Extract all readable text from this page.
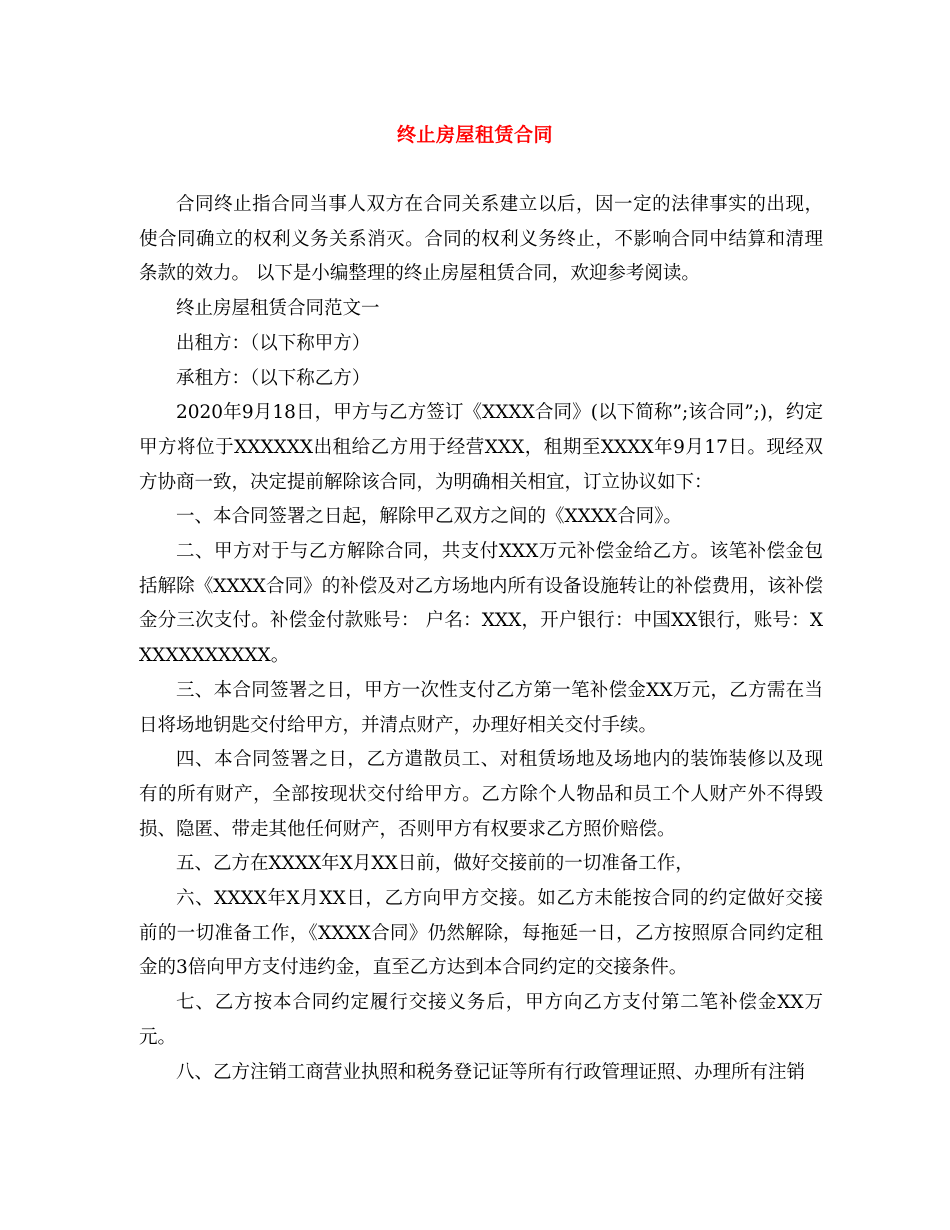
终止房屋租赁合同

合同终止指合同当事人双方在合同关系建立以后，因一定的法律事实的出现，使合同确立的权利义务关系消灭。合同的权利义务终止，不影响合同中结算和清理条款的效力。 以下是小编整理的终止房屋租赁合同，欢迎参考阅读。

终止房屋租赁合同范文一

出租方：（以下称甲方）

承租方：（以下称乙方）

2020年9月18日，甲方与乙方签订《XXXX合同》(以下简称”;该合同”;)，约定甲方将位于XXXXXX出租给乙方用于经营XXX，租期至XXXX年9月17日。现经双方协商一致，决定提前解除该合同，为明确相关相宜，订立协议如下：

一、本合同签署之日起，解除甲乙双方之间的《XXXX合同》。

二、甲方对于与乙方解除合同，共支付XXX万元补偿金给乙方。该笔补偿金包括解除《XXXX合同》的补偿及对乙方场地内所有设备设施转让的补偿费用，该补偿金分三次支付。补偿金付款账号： 户名：XXX，开户银行：中国XX银行，账号：XXXXXXXXXXX。

三、本合同签署之日，甲方一次性支付乙方第一笔补偿金XX万元，乙方需在当日将场地钥匙交付给甲方，并清点财产，办理好相关交付手续。

四、本合同签署之日，乙方遣散员工、对租赁场地及场地内的装饰装修以及现有的所有财产，全部按现状交付给甲方。乙方除个人物品和员工个人财产外不得毁损、隐匿、带走其他任何财产，否则甲方有权要求乙方照价赔偿。

五、乙方在XXXX年X月XX日前，做好交接前的一切准备工作，

六、XXXX年X月XX日，乙方向甲方交接。如乙方未能按合同的约定做好交接前的一切准备工作，《XXXX合同》仍然解除，每拖延一日，乙方按照原合同约定租金的3倍向甲方支付违约金，直至乙方达到本合同约定的交接条件。

七、乙方按本合同约定履行交接义务后，甲方向乙方支付第二笔补偿金XX万元。

八、乙方注销工商营业执照和税务登记证等所有行政管理证照、办理所有注销
